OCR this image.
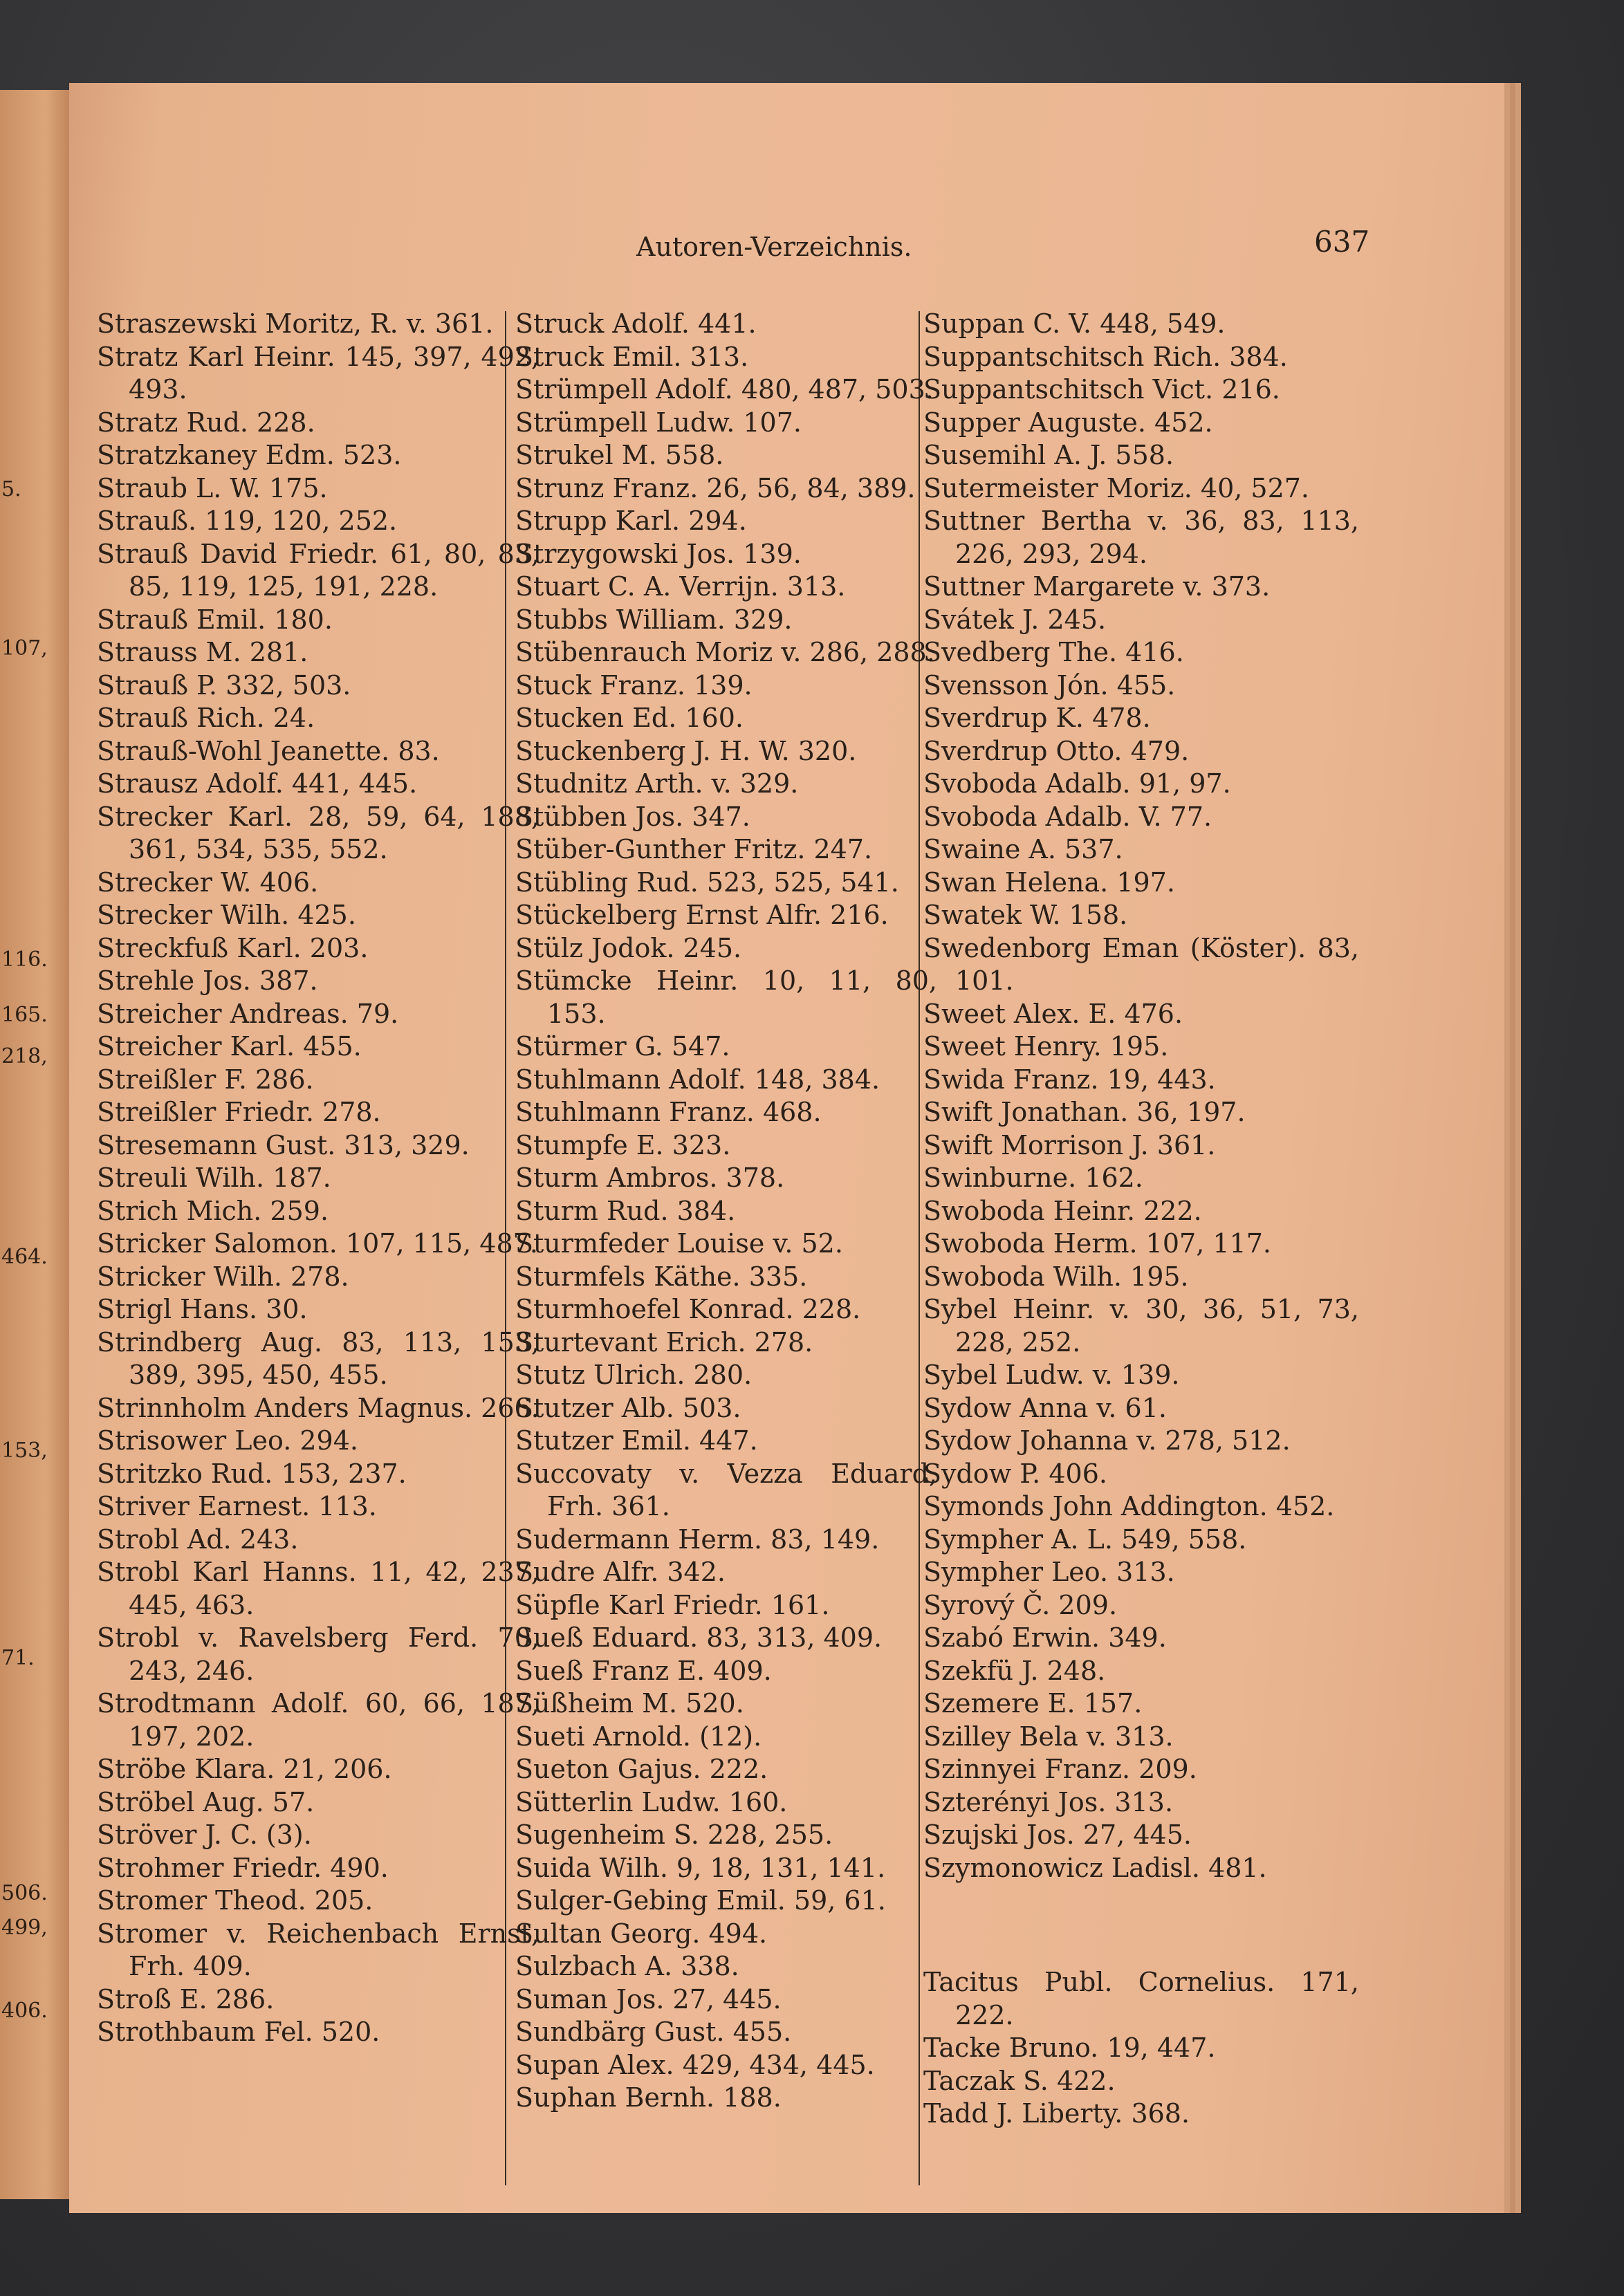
5.
107,
116.
165.
218,
464.
153,
71.
506.
499,
406.
Autoren-Verzeichnis.	637
Straszewski Moritz, R. v. 361.
Stratz Karl Heinr. 145, 397, 492, 493.
Stratz Rud. 228.
Stratzkaney Edm. 523.
Straub L. W. 175.
Strauß. 119, 120, 252.
Strauß David Friedr. 61, 80, 83, 85, 119, 125, 191, 228.
Strauß Emil. 180.
Strauss M. 281.
Strauß P. 332, 503.
Strauß Rich. 24.
Strauß-Wohl Jeanette. 83.
Strausz Adolf. 441, 445.
Strecker Karl. 28, 59, 64, 188, 361, 534, 535, 552.
Strecker W. 406.
Strecker Wilh. 425.
Streckfuß Karl. 203.
Strehle Jos. 387.
Streicher Andreas. 79.
Streicher Karl. 455.
Streißler F. 286.
Streißler Friedr. 278.
Stresemann Gust. 313, 329.
Streuli Wilh. 187.
Strich Mich. 259.
Stricker Salomon. 107, 115, 487.
Stricker Wilh. 278.
Strigl Hans. 30.
Strindberg Aug. 83, 113, 153, 389, 395, 450, 455.
Strinnholm Anders Magnus. 266.
Strisower Leo. 294.
Stritzko Rud. 153, 237.
Striver Earnest. 113.
Strobl Ad. 243.
Strobl Karl Hanns. 11, 42, 237, 445, 463.
Strobl v. Ravelsberg Ferd. 70, 243, 246.
Strodtmann Adolf. 60, 66, 187, 197, 202.
Ströbe Klara. 21, 206.
Ströbel Aug. 57.
Ströver J. C. (3).
Strohmer Friedr. 490.
Stromer Theod. 205.
Stromer v. Reichenbach Ernst, Frh. 409.
Stroß E. 286.
Strothbaum Fel. 520.
Struck Adolf. 441.
Struck Emil. 313.
Strümpell Adolf. 480, 487, 503.
Strümpell Ludw. 107.
Strukel M. 558.
Strunz Franz. 26, 56, 84, 389.
Strupp Karl. 294.
Strzygowski Jos. 139.
Stuart C. A. Verrijn. 313.
Stubbs William. 329.
Stübenrauch Moriz v. 286, 288.
Stuck Franz. 139.
Stucken Ed. 160.
Stuckenberg J. H. W. 320.
Studnitz Arth. v. 329.
Stübben Jos. 347.
Stüber-Gunther Fritz. 247.
Stübling Rud. 523, 525, 541.
Stückelberg Ernst Alfr. 216.
Stülz Jodok. 245.
Stümcke Heinr. 10, 11, 80, 153.
Stürmer G. 547.
Stuhlmann Adolf. 148, 384.
Stuhlmann Franz. 468.
Stumpfe E. 323.
Sturm Ambros. 378.
Sturm Rud. 384.
Sturmfeder Louise v. 52.
Sturmfels Käthe. 335.
Sturmhoefel Konrad. 228.
Sturtevant Erich. 278.
Stutz Ulrich. 280.
Stutzer Alb. 503.
Stutzer Emil. 447.
Succovaty v. Vezza Eduard, Frh. 361.
Sudermann Herm. 83, 149.
Sudre Alfr. 342.
Süpfle Karl Friedr. 161.
Sueß Eduard. 83, 313, 409.
Sueß Franz E. 409.
Süßheim M. 520.
Sueti Arnold. (12).
Sueton Gajus. 222.
Sütterlin Ludw. 160.
Sugenheim S. 228, 255.
Suida Wilh. 9, 18, 131, 141.
Sulger-Gebing Emil. 59, 61.
Sultan Georg. 494.
Sulzbach A. 338.
Suman Jos. 27, 445.
Sundbärg Gust. 455.
Supan Alex. 429, 434, 445.
Suphan Bernh. 188.
Suppan C. V. 448, 549.
Suppantschitsch Rich. 384.
Suppantschitsch Vict. 216.
Supper Auguste. 452.
Susemihl A. J. 558.
Sutermeister Moriz. 40, 527.
Suttner Bertha v. 36, 83, 113, 226, 293, 294.
Suttner Margarete v. 373.
Svátek J. 245.
Svedberg The. 416.
Svensson Jón. 455.
Sverdrup K. 478.
Sverdrup Otto. 479.
Svoboda Adalb. 91, 97.
Svoboda Adalb. V. 77.
Swaine A. 537.
Swan Helena. 197.
Swatek W. 158.
Swedenborg Eman (Köster). 83, 101.
Sweet Alex. E. 476.
Sweet Henry. 195.
Swida Franz. 19, 443.
Swift Jonathan. 36, 197.
Swift Morrison J. 361.
Swinburne. 162.
Swoboda Heinr. 222.
Swoboda Herm. 107, 117.
Swoboda Wilh. 195.
Sybel Heinr. v. 30, 36, 51, 73, 228, 252.
Sybel Ludw. v. 139.
Sydow Anna v. 61.
Sydow Johanna v. 278, 512.
Sydow P. 406.
Symonds John Addington. 452.
Sympher A. L. 549, 558.
Sympher Leo. 313.
Syrový Č. 209.
Szabó Erwin. 349.
Szekfü J. 248.
Szemere E. 157.
Szilley Bela v. 313.
Szinnyei Franz. 209.
Szterényi Jos. 313.
Szujski Jos. 27, 445.
Szymonowicz Ladisl. 481.
Tacitus Publ. Cornelius. 171, 222.
Tacke Bruno. 19, 447.
Taczak S. 422.
Tadd J. Liberty. 368.
